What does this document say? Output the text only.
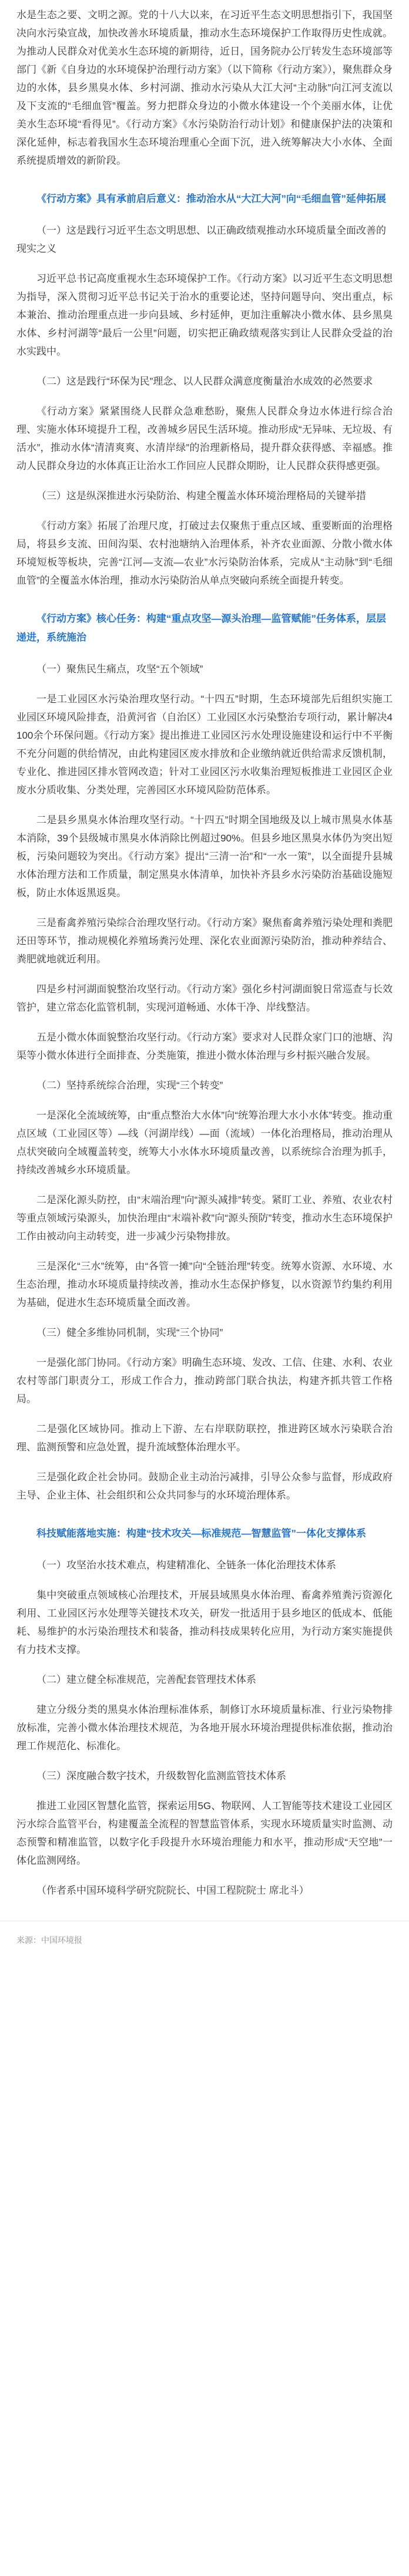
水是生态之要、文明之源。党的十八大以来，在习近平生态文明思想指引下，我国坚决向水污染宣战，加快改善水环境质量，推动水生态环境保护工作取得历史性成就。为推动人民群众对优美水生态环境的新期待，近日，国务院办公厅转发生态环境部等部门《新《自身边的水环境保护治理行动方案》（以下简称《行动方案》），聚焦群众身边的水体，县乡黑臭水体、乡村河湖、推动水污染从大江大河“主动脉”向江河支流以及下支流的“毛细血管”覆盖。努力把群众身边的小微水体建设一个个美丽水体，让优美水生态环境“看得见”。《行动方案》《水污染防治行动计划》和健康保护法的决策和深化延伸，标志着我国水生态环境治理重心全面下沉，进入统筹解决大小水体、全面系统提质增效的新阶段。

《行动方案》具有承前启后意义：推动治水从“大江大河”向“毛细血管”延伸拓展

（一）这是践行习近平生态文明思想、以正确政绩观推动水环境质量全面改善的现实之义

习近平总书记高度重视水生态环境保护工作。《行动方案》以习近平生态文明思想为指导，深入贯彻习近平总书记关于治水的重要论述，坚持问题导向、突出重点，标本兼治、推动治理重点进一步向县域、乡村延伸，更加注重解决小微水体、县乡黑臭水体、乡村河湖等“最后一公里”问题，切实把正确政绩观落实到让人民群众受益的治水实践中。

（二）这是践行“环保为民”理念、以人民群众满意度衡量治水成效的必然要求

《行动方案》紧紧围绕人民群众急难愁盼，聚焦人民群众身边水体进行综合治理、实施水体环境提升工程，改善城乡居民生活环境。推动形成“无异味、无垃圾、有活水”，推动水体“清清爽爽、水清岸绿”的治理新格局，提升群众获得感、幸福感。推动人民群众身边的水体真正让治水工作回应人民群众期盼，让人民群众获得感更强。

（三）这是纵深推进水污染防治、构建全覆盖水体环境治理格局的关键举措

《行动方案》拓展了治理尺度，打破过去仅聚焦于重点区域、重要断面的治理格局，将县乡支流、田间沟渠、农村池塘纳入治理体系，补齐农业面源、分散小微水体环境短板等板块，完善“江河—支流—农业”水污染防治体系，完成从“主动脉”到“毛细血管”的全覆盖水体治理，推动水污染防治从单点突破向系统全面提升转变。

《行动方案》核心任务：构建“重点攻坚—源头治理—监管赋能”任务体系，层层递进，系统施治

（一）聚焦民生痛点，攻坚“五个领域”

一是工业园区水污染治理攻坚行动。“十四五”时期，生态环境部先后组织实施工业园区环境风险排查，沿黄河省（自治区）工业园区水污染整治专项行动，累计解决4100余个环保问题。《行动方案》提出推进工业园区污水处理设施建设和运行中不平衡不充分问题的供给情况，由此构建园区废水排放和企业缴纳就近供给需求反馈机制，专业化、推进园区排水管网改造；针对工业园区污水收集治理短板推进工业园区企业废水分质收集、分类处理，完善园区水环境风险防范体系。

二是县乡黑臭水体治理攻坚行动。“十四五”时期全国地级及以上城市黑臭水体基本消除，39个县级城市黑臭水体消除比例超过90%。但县乡地区黑臭水体仍为突出短板，污染问题较为突出。《行动方案》提出“三清一治”和“一水一策”，以全面提升县城水体治理方法和工作质量，制定黑臭水体清单，加快补齐县乡水污染防治基础设施短板，防止水体返黑返臭。

三是畜禽养殖污染综合治理攻坚行动。《行动方案》聚焦畜禽养殖污染处理和粪肥还田等环节，推动规模化养殖场粪污处理、深化农业面源污染防治，推动种养结合、粪肥就地就近利用。

四是乡村河湖面貌整治攻坚行动。《行动方案》强化乡村河湖面貌日常巡查与长效管护，建立常态化监管机制，实现河道畅通、水体干净、岸线整洁。

五是小微水体面貌整治攻坚行动。《行动方案》要求对人民群众家门口的池塘、沟渠等小微水体进行全面排查、分类施策，推进小微水体治理与乡村振兴融合发展。

（二）坚持系统综合治理，实现“三个转变”

一是深化全流域统筹，由“重点整治大水体”向“统筹治理大水小水体”转变。推动重点区域（工业园区等）—线（河湖岸线）—面（流域）一体化治理格局，推动治理从点状突破向全域覆盖转变，统筹大小水体水环境质量改善，以系统综合治理为抓手，持续改善城乡水环境质量。

二是深化源头防控，由“末端治理”向“源头减排”转变。紧盯工业、养殖、农业农村等重点领域污染源头，加快治理由“末端补救”向“源头预防”转变，推动水生态环境保护工作由被动向主动转变，进一步减少污染物排放。

三是深化“三水”统筹，由“各管一摊”向“全链治理”转变。统筹水资源、水环境、水生态治理，推动水环境质量持续改善，推动水生态保护修复，以水资源节约集约利用为基础，促进水生态环境质量全面改善。

（三）健全多维协同机制，实现“三个协同”

一是强化部门协同。《行动方案》明确生态环境、发改、工信、住建、水利、农业农村等部门职责分工，形成工作合力，推动跨部门联合执法，构建齐抓共管工作格局。

二是强化区域协同。推动上下游、左右岸联防联控，推进跨区域水污染联合治理、监测预警和应急处置，提升流域整体治理水平。

三是强化政企社会协同。鼓励企业主动治污减排，引导公众参与监督，形成政府主导、企业主体、社会组织和公众共同参与的水环境治理体系。

科技赋能落地实施：构建“技术攻关—标准规范—智慧监管”一体化支撑体系

（一）攻坚治水技术难点，构建精准化、全链条一体化治理技术体系

集中突破重点领域核心治理技术，开展县域黑臭水体治理、畜禽养殖粪污资源化利用、工业园区污水处理等关键技术攻关，研发一批适用于县乡地区的低成本、低能耗、易维护的水污染治理技术和装备，推动科技成果转化应用，为行动方案实施提供有力技术支撑。

（二）建立健全标准规范，完善配套管理技术体系

建立分级分类的黑臭水体治理标准体系，制修订水环境质量标准、行业污染物排放标准，完善小微水体治理技术规范，为各地开展水环境治理提供标准依据，推动治理工作规范化、标准化。

（三）深度融合数字技术，升级数智化监测监管技术体系

推进工业园区智慧化监管，探索运用5G、物联网、人工智能等技术建设工业园区污水综合监管平台，构建覆盖全流程的智慧监管体系，实现水环境质量实时监测、动态预警和精准监管，以数字化手段提升水环境治理能力和水平，推动形成“天空地”一体化监测网络。

（作者系中国环境科学研究院院长、中国工程院院士 席北斗）

来源：中国环境报
